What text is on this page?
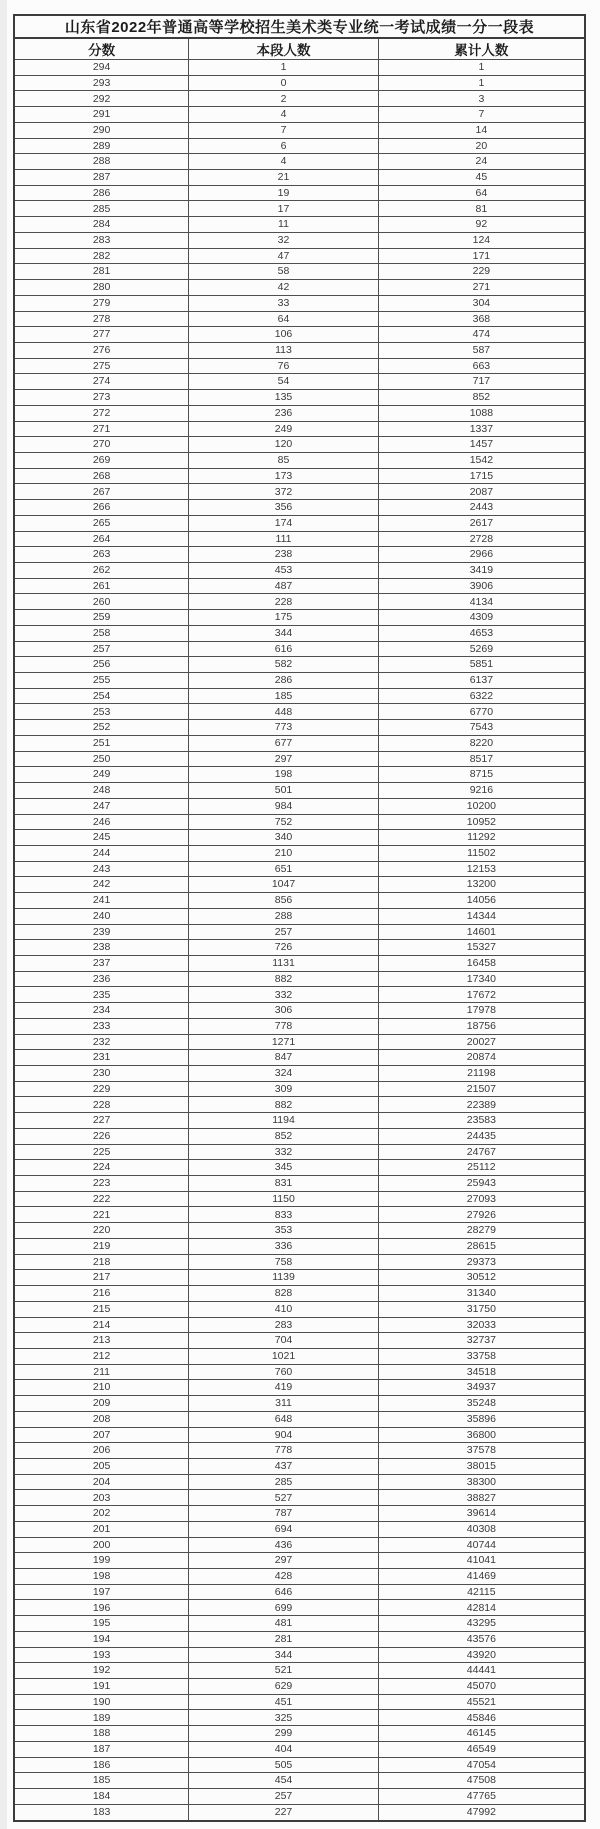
山东省2022年普通高等学校招生美术类专业统一考试成绩一分一段表		
分数	本段人数	累计人数
294	1	1
293	0	1
292	2	3
291	4	7
290	7	14
289	6	20
288	4	24
287	21	45
286	19	64
285	17	81
284	11	92
283	32	124
282	47	171
281	58	229
280	42	271
279	33	304
278	64	368
277	106	474
276	113	587
275	76	663
274	54	717
273	135	852
272	236	1088
271	249	1337
270	120	1457
269	85	1542
268	173	1715
267	372	2087
266	356	2443
265	174	2617
264	111	2728
263	238	2966
262	453	3419
261	487	3906
260	228	4134
259	175	4309
258	344	4653
257	616	5269
256	582	5851
255	286	6137
254	185	6322
253	448	6770
252	773	7543
251	677	8220
250	297	8517
249	198	8715
248	501	9216
247	984	10200
246	752	10952
245	340	11292
244	210	11502
243	651	12153
242	1047	13200
241	856	14056
240	288	14344
239	257	14601
238	726	15327
237	1131	16458
236	882	17340
235	332	17672
234	306	17978
233	778	18756
232	1271	20027
231	847	20874
230	324	21198
229	309	21507
228	882	22389
227	1194	23583
226	852	24435
225	332	24767
224	345	25112
223	831	25943
222	1150	27093
221	833	27926
220	353	28279
219	336	28615
218	758	29373
217	1139	30512
216	828	31340
215	410	31750
214	283	32033
213	704	32737
212	1021	33758
211	760	34518
210	419	34937
209	311	35248
208	648	35896
207	904	36800
206	778	37578
205	437	38015
204	285	38300
203	527	38827
202	787	39614
201	694	40308
200	436	40744
199	297	41041
198	428	41469
197	646	42115
196	699	42814
195	481	43295
194	281	43576
193	344	43920
192	521	44441
191	629	45070
190	451	45521
189	325	45846
188	299	46145
187	404	46549
186	505	47054
185	454	47508
184	257	47765
183	227	47992
